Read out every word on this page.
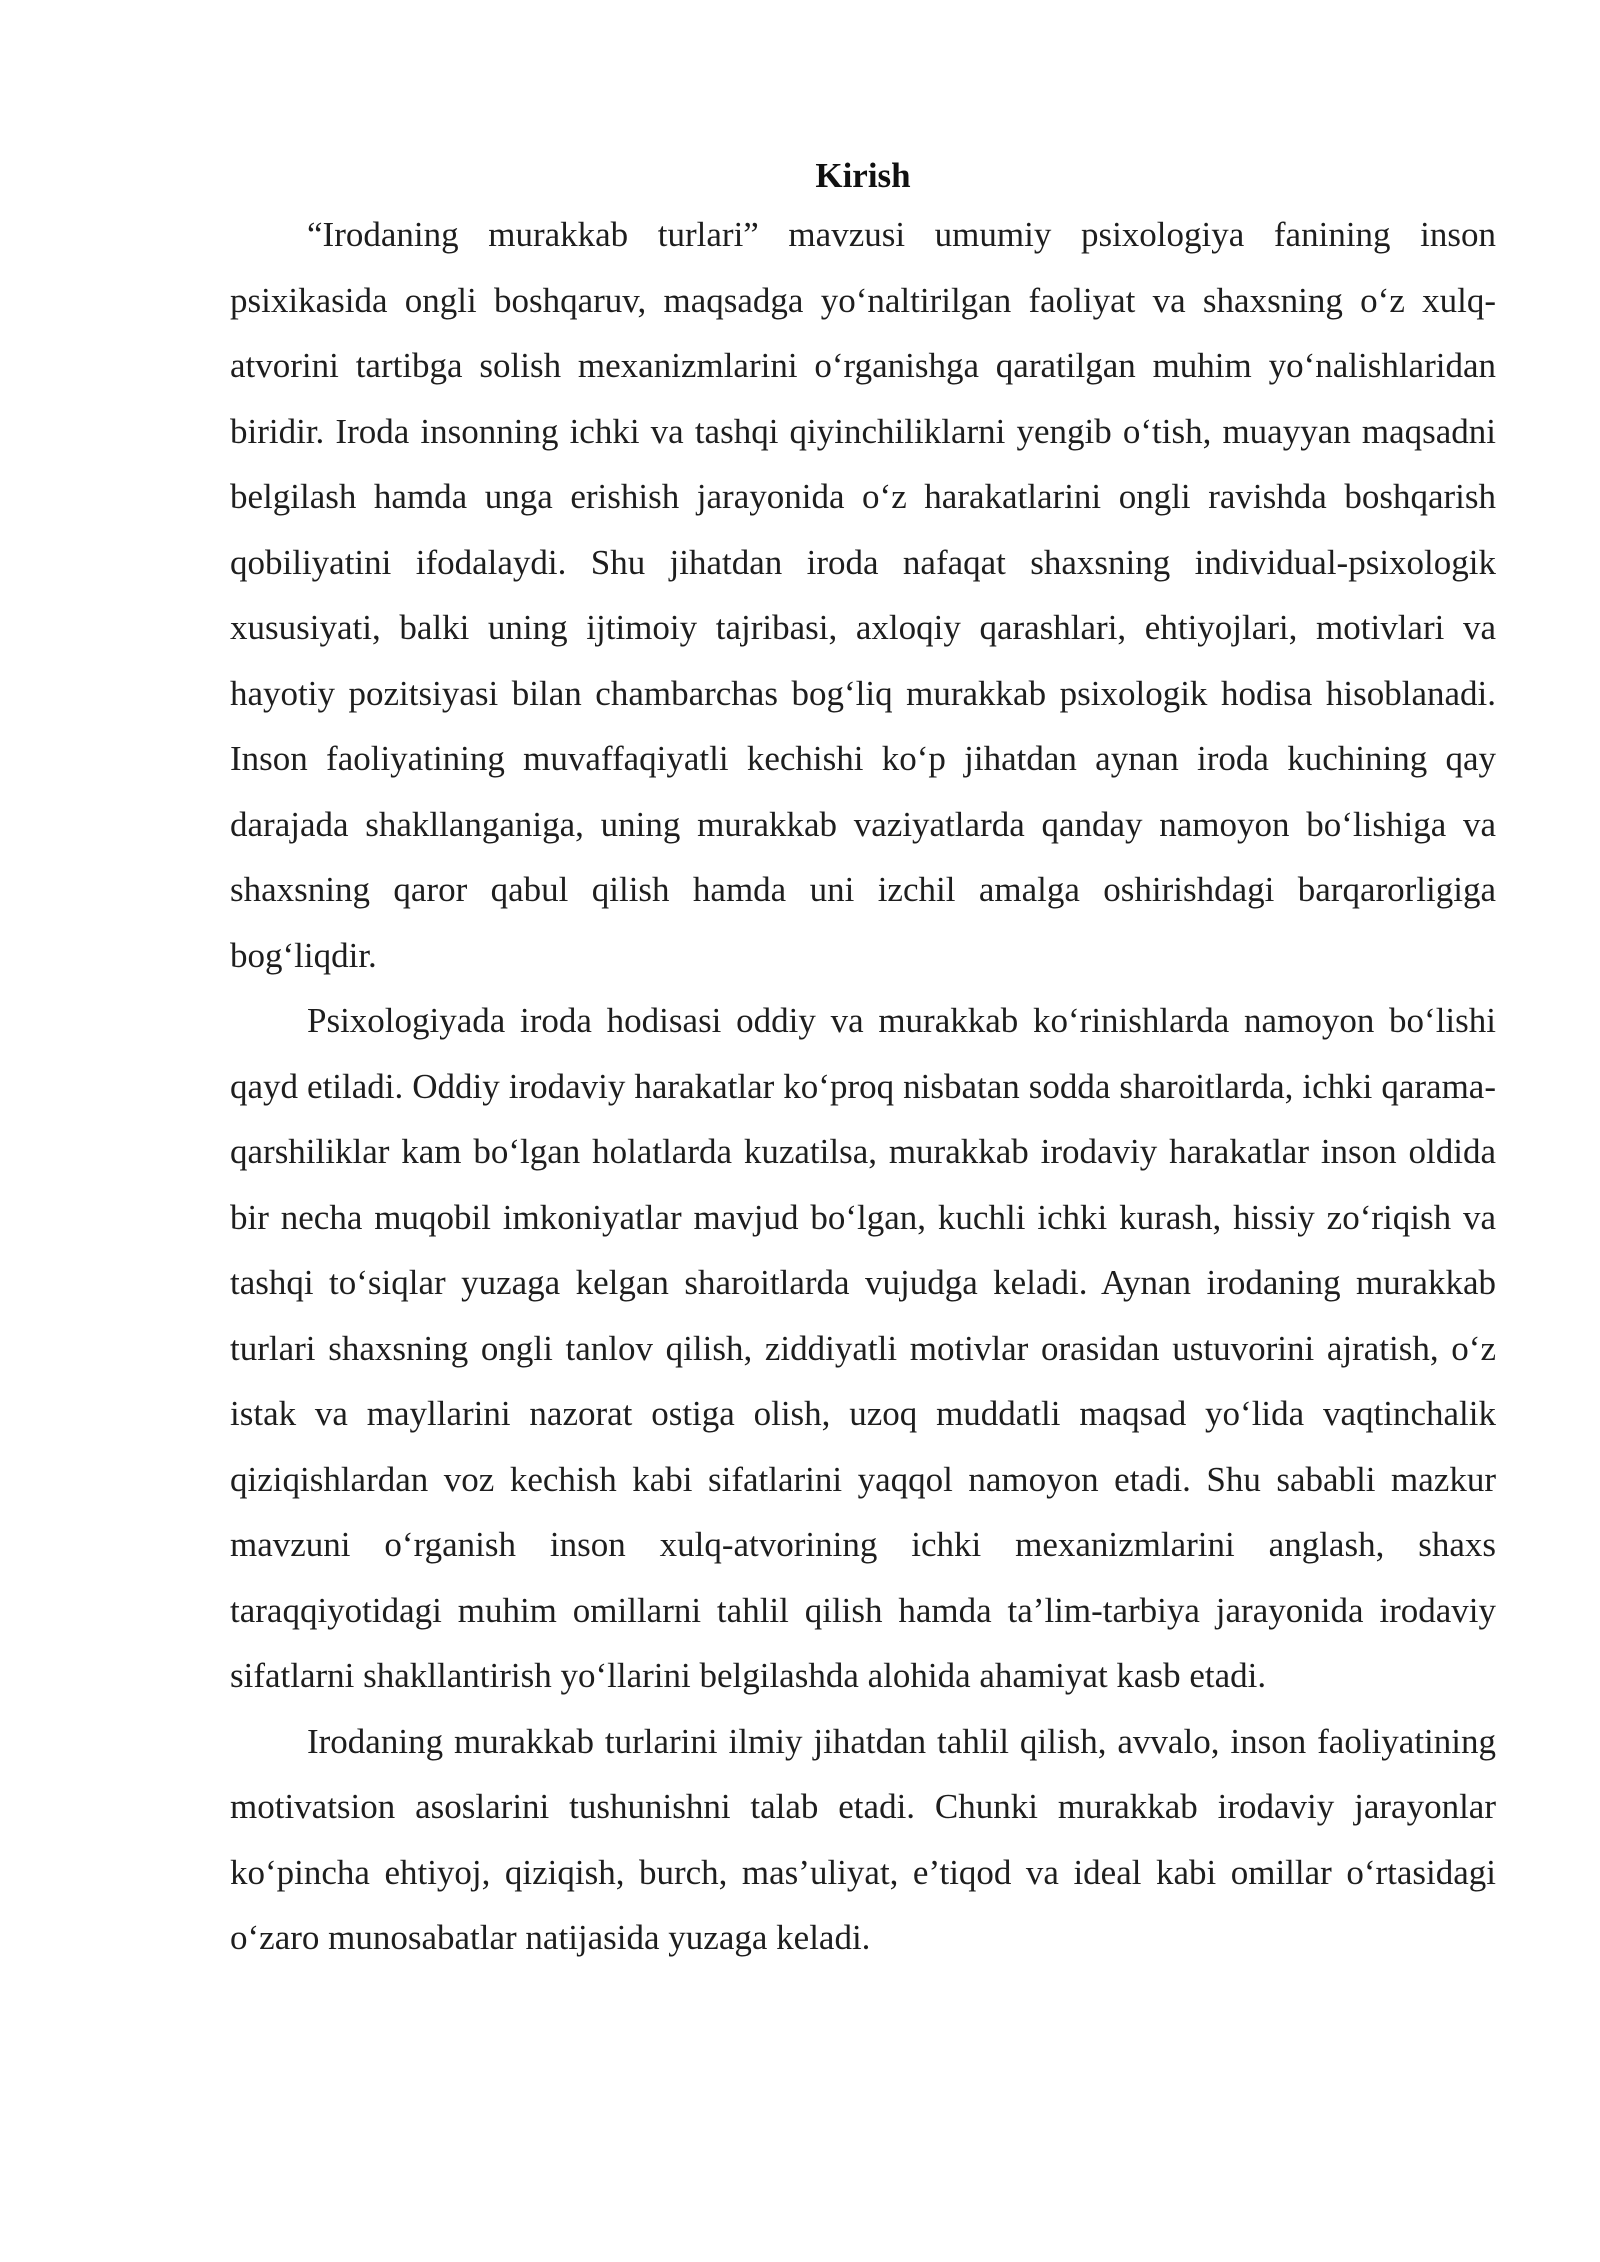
Kirish

“Irodaning murakkab turlari” mavzusi umumiy psixologiya fanining inson psixikasida ongli boshqaruv, maqsadga yo‘naltirilgan faoliyat va shaxsning o‘z xulq-atvorini tartibga solish mexanizmlarini o‘rganishga qaratilgan muhim yo‘nalishlaridan biridir. Iroda insonning ichki va tashqi qiyinchiliklarni yengib o‘tish, muayyan maqsadni belgilash hamda unga erishish jarayonida o‘z harakatlarini ongli ravishda boshqarish qobiliyatini ifodalaydi. Shu jihatdan iroda nafaqat shaxsning individual-psixologik xususiyati, balki uning ijtimoiy tajribasi, axloqiy qarashlari, ehtiyojlari, motivlari va hayotiy pozitsiyasi bilan chambarchas bog‘liq murakkab psixologik hodisa hisoblanadi. Inson faoliyatining muvaffaqiyatli kechishi ko‘p jihatdan aynan iroda kuchining qay darajada shakllanganiga, uning murakkab vaziyatlarda qanday namoyon bo‘lishiga va shaxsning qaror qabul qilish hamda uni izchil amalga oshirishdagi barqarorligiga bog‘liqdir.

Psixologiyada iroda hodisasi oddiy va murakkab ko‘rinishlarda namoyon bo‘lishi qayd etiladi. Oddiy irodaviy harakatlar ko‘proq nisbatan sodda sharoitlarda, ichki qarama-qarshiliklar kam bo‘lgan holatlarda kuzatilsa, murakkab irodaviy harakatlar inson oldida bir necha muqobil imkoniyatlar mavjud bo‘lgan, kuchli ichki kurash, hissiy zo‘riqish va tashqi to‘siqlar yuzaga kelgan sharoitlarda vujudga keladi. Aynan irodaning murakkab turlari shaxsning ongli tanlov qilish, ziddiyatli motivlar orasidan ustuvorini ajratish, o‘z istak va mayllarini nazorat ostiga olish, uzoq muddatli maqsad yo‘lida vaqtinchalik qiziqishlardan voz kechish kabi sifatlarini yaqqol namoyon etadi. Shu sababli mazkur mavzuni o‘rganish inson xulq-atvorining ichki mexanizmlarini anglash, shaxs taraqqiyotidagi muhim omillarni tahlil qilish hamda ta’lim-tarbiya jarayonida irodaviy sifatlarni shakllantirish yo‘llarini belgilashda alohida ahamiyat kasb etadi.

Irodaning murakkab turlarini ilmiy jihatdan tahlil qilish, avvalo, inson faoliyatining motivatsion asoslarini tushunishni talab etadi. Chunki murakkab irodaviy jarayonlar ko‘pincha ehtiyoj, qiziqish, burch, mas’uliyat, e’tiqod va ideal kabi omillar o‘rtasidagi o‘zaro munosabatlar natijasida yuzaga keladi.
